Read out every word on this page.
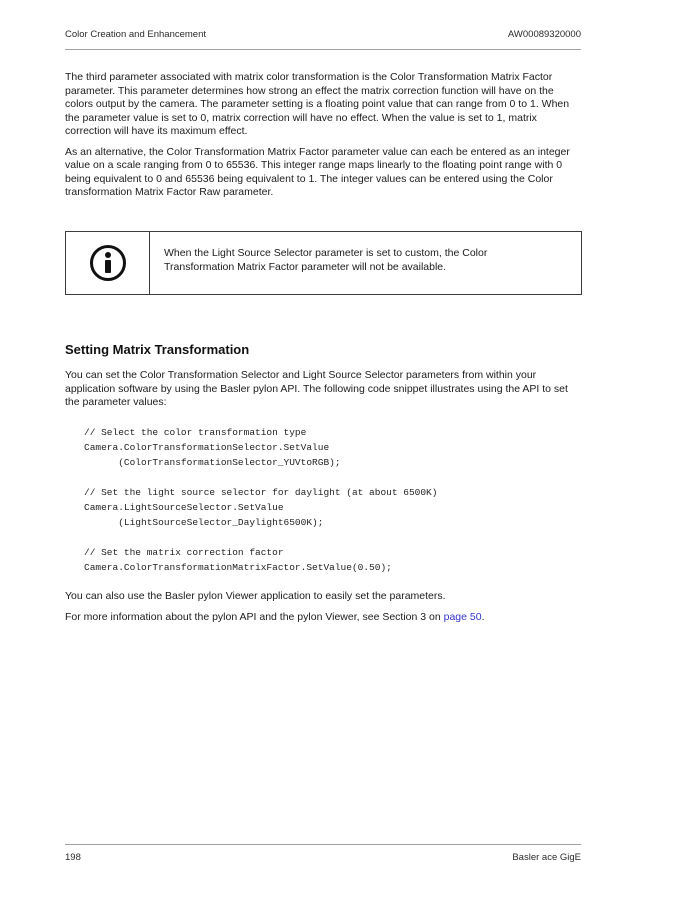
Color Creation and Enhancement	AW00089320000

The third parameter associated with matrix color transformation is the Color Transformation Matrix Factor parameter. This parameter determines how strong an effect the matrix correction function will have on the colors output by the camera. The parameter setting is a floating point value that can range from 0 to 1. When the parameter value is set to 0, matrix correction will have no effect. When the value is set to 1, matrix correction will have its maximum effect.

As an alternative, the Color Transformation Matrix Factor parameter value can each be entered as an integer value on a scale ranging from 0 to 65536. This integer range maps linearly to the floating point range with 0 being equivalent to 0 and 65536 being equivalent to 1. The integer values can be entered using the Color transformation Matrix Factor Raw parameter.

When the Light Source Selector parameter is set to custom, the Color Transformation Matrix Factor parameter will not be available.
Setting Matrix Transformation

You can set the Color Transformation Selector and Light Source Selector parameters from within your application software by using the Basler pylon API. The following code snippet illustrates using the API to set the parameter values:

// Select the color transformation type
Camera.ColorTransformationSelector.SetValue
(ColorTransformationSelector_YUVtoRGB);
// Set the light source selector for daylight (at about 6500K)
Camera.LightSourceSelector.SetValue
(LightSourceSelector_Daylight6500K);
// Set the matrix correction factor
Camera.ColorTransformationMatrixFactor.SetValue(0.50);

You can also use the Basler pylon Viewer application to easily set the parameters.

For more information about the pylon API and the pylon Viewer, see Section 3 on page 50.

198	Basler ace GigE
